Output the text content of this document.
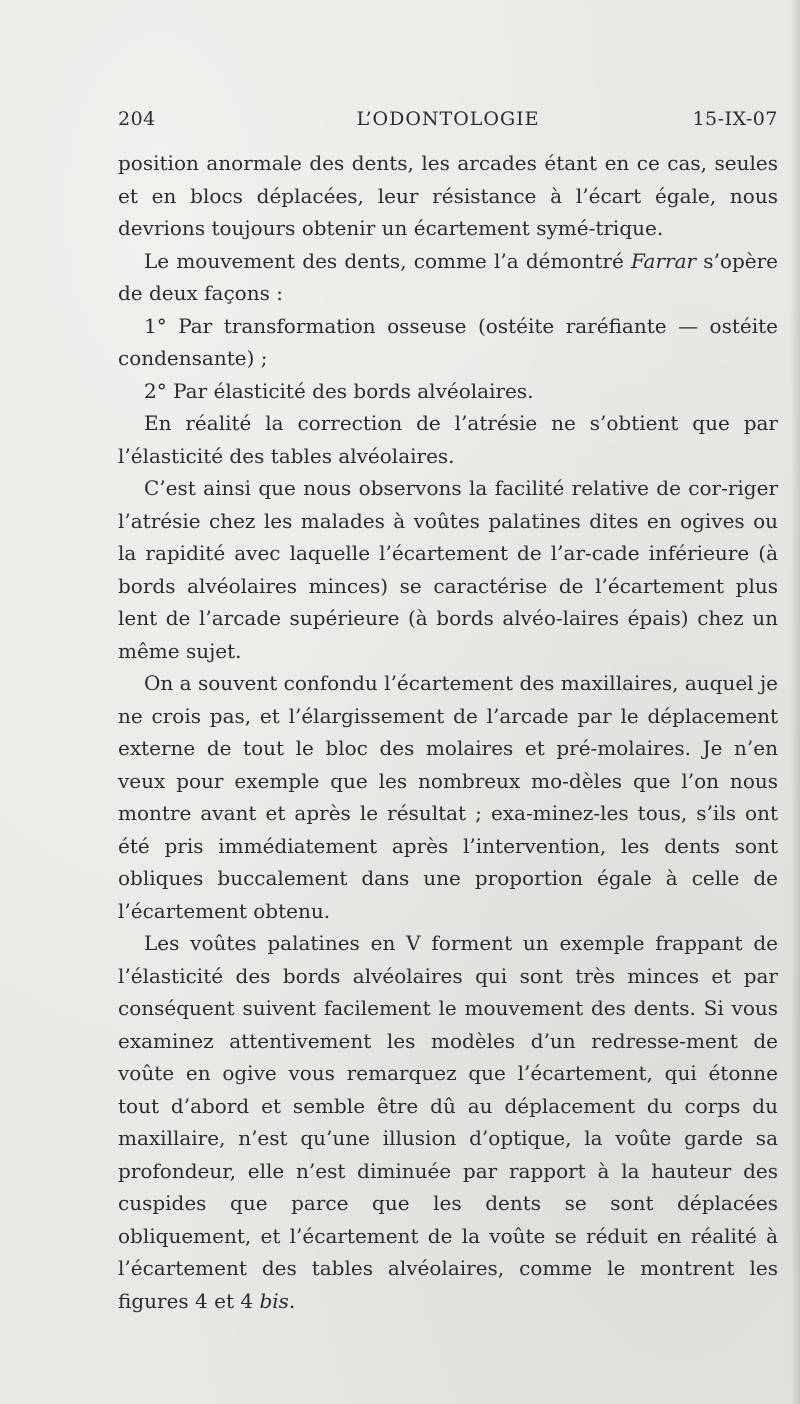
L’ODONTOLOGIE
204	15-IX-07

position anormale des dents, les arcades étant en ce cas, seules et en blocs déplacées, leur résistance à l’écart égale, nous devrions toujours obtenir un écartement symé-trique.

Le mouvement des dents, comme l’a démontré Farrar s’opère de deux façons :

1° Par transformation osseuse (ostéite raréfiante — ostéite condensante) ;

2° Par élasticité des bords alvéolaires.

En réalité la correction de l’atrésie ne s’obtient que par l’élasticité des tables alvéolaires.

C’est ainsi que nous observons la facilité relative de cor-riger l’atrésie chez les malades à voûtes palatines dites en ogives ou la rapidité avec laquelle l’écartement de l’ar-cade inférieure (à bords alvéolaires minces) se caractérise de l’écartement plus lent de l’arcade supérieure (à bords alvéo-laires épais) chez un même sujet.

On a souvent confondu l’écartement des maxillaires, auquel je ne crois pas, et l’élargissement de l’arcade par le déplacement externe de tout le bloc des molaires et pré-molaires. Je n’en veux pour exemple que les nombreux mo-dèles que l’on nous montre avant et après le résultat ; exa-minez-les tous, s’ils ont été pris immédiatement après l’intervention, les dents sont obliques buccalement dans une proportion égale à celle de l’écartement obtenu.

Les voûtes palatines en V forment un exemple frappant de l’élasticité des bords alvéolaires qui sont très minces et par conséquent suivent facilement le mouvement des dents. Si vous examinez attentivement les modèles d’un redresse-ment de voûte en ogive vous remarquez que l’écartement, qui étonne tout d’abord et semble être dû au déplacement du corps du maxillaire, n’est qu’une illusion d’optique, la voûte garde sa profondeur, elle n’est diminuée par rapport à la hauteur des cuspides que parce que les dents se sont déplacées obliquement, et l’écartement de la voûte se réduit en réalité à l’écartement des tables alvéolaires, comme le montrent les figures 4 et 4 bis.
